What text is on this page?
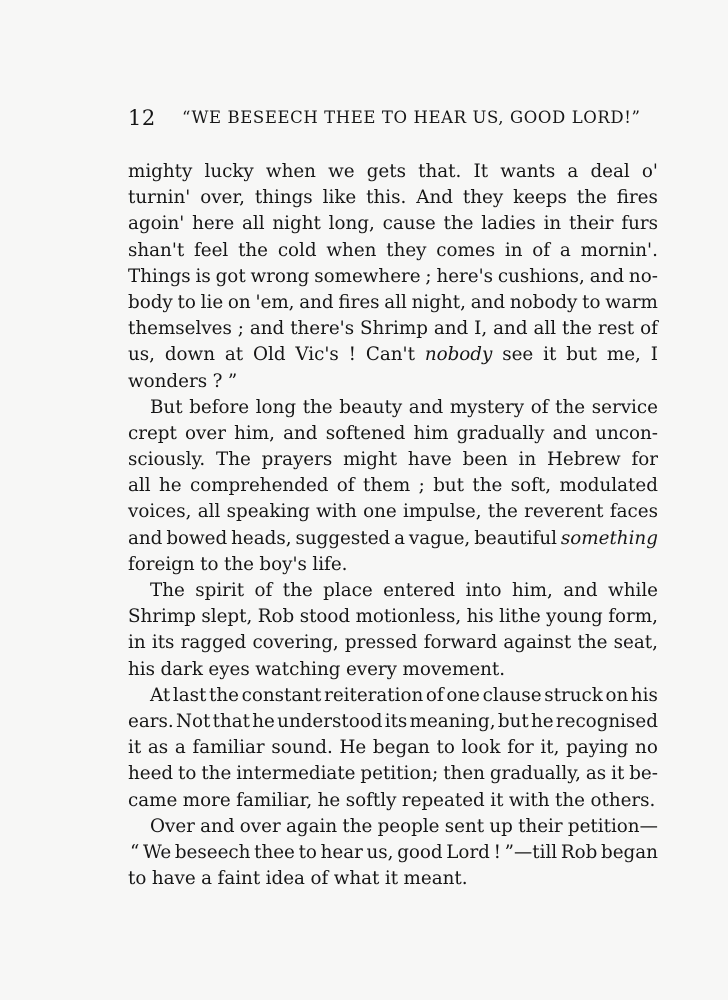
12 “WE BESEECH THEE TO HEAR US, GOOD LORD!”
mighty lucky when we gets that. It wants a deal o'
turnin' over, things like this. And they keeps the fires
agoin' here all night long, cause the ladies in their furs
shan't feel the cold when they comes in of a mornin'.
Things is got wrong somewhere ; here's cushions, and no-
body to lie on 'em, and fires all night, and nobody to warm
themselves ; and there's Shrimp and I, and all the rest of
us, down at Old Vic's ! Can't nobody see it but me, I
wonders ? ”
But before long the beauty and mystery of the service
crept over him, and softened him gradually and uncon-
sciously. The prayers might have been in Hebrew for
all he comprehended of them ; but the soft, modulated
voices, all speaking with one impulse, the reverent faces
and bowed heads, suggested a vague, beautiful something
foreign to the boy's life.
The spirit of the place entered into him, and while
Shrimp slept, Rob stood motionless, his lithe young form,
in its ragged covering, pressed forward against the seat,
his dark eyes watching every movement.
At last the constant reiteration of one clause struck on his
ears. Not that he understood its meaning, but he recognised
it as a familiar sound. He began to look for it, paying no
heed to the intermediate petition; then gradually, as it be-
came more familiar, he softly repeated it with the others.
Over and over again the people sent up their petition—
“ We beseech thee to hear us, good Lord ! ”—till Rob began
to have a faint idea of what it meant.
